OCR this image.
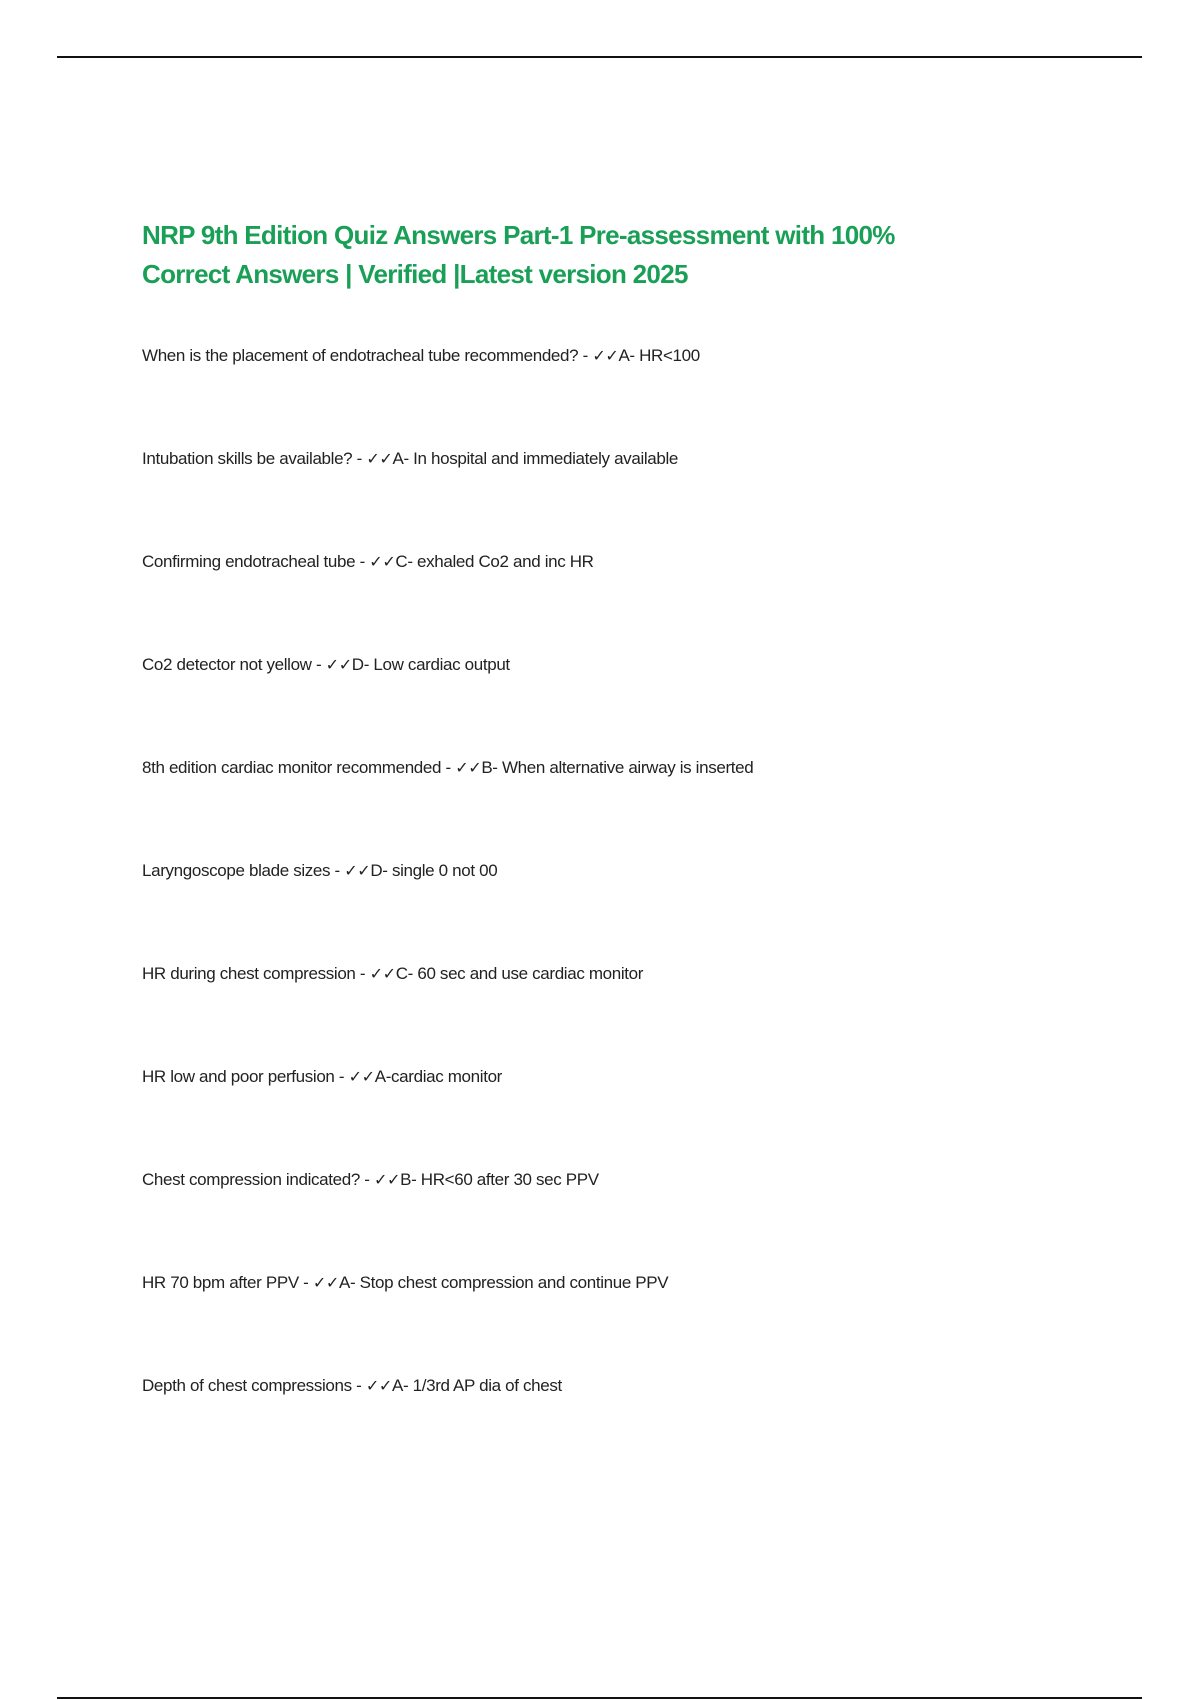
NRP 9th Edition Quiz Answers Part-1 Pre-assessment with 100%
Correct Answers | Verified |Latest version 2025
When is the placement of endotracheal tube recommended? - ✓✓A- HR<100
Intubation skills be available? - ✓✓A- In hospital and immediately available
Confirming endotracheal tube - ✓✓C- exhaled Co2 and inc HR
Co2 detector not yellow - ✓✓D- Low cardiac output
8th edition cardiac monitor recommended - ✓✓B- When alternative airway is inserted
Laryngoscope blade sizes - ✓✓D- single 0 not 00
HR during chest compression - ✓✓C- 60 sec and use cardiac monitor
HR low and poor perfusion - ✓✓A-cardiac monitor
Chest compression indicated? - ✓✓B- HR<60 after 30 sec PPV
HR 70 bpm after PPV - ✓✓A- Stop chest compression and continue PPV
Depth of chest compressions - ✓✓A- 1/3rd AP dia of chest
